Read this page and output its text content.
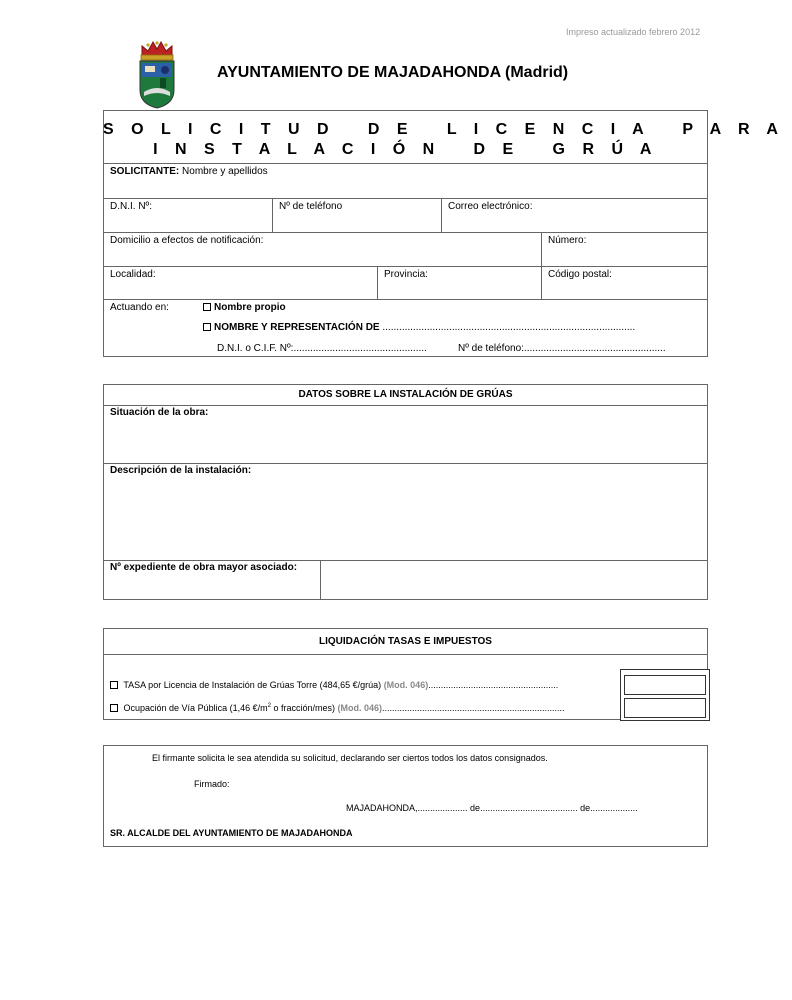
Impreso actualizado febrero 2012
AYUNTAMIENTO DE MAJADAHONDA (Madrid)
S O L I C I T U D   D E   L I C E N C I A   P A R A
I N S T A L A C I Ó N   D E   G R Ú A
SOLICITANTE: Nombre y apellidos
D.N.I. Nº:	Nº de teléfono	Correo electrónico:
Domicilio a efectos de notificación:	Número:
Localidad:	Provincia:	Código postal:
Actuando en:	Nombre propio
NOMBRE Y REPRESENTACIÓN DE ...........................................................................................
D.N.I. o C.I.F. Nº:................................................	Nº de teléfono:...................................................
DATOS SOBRE LA INSTALACIÓN DE GRÚAS
Situación de la obra:
Descripción de la instalación:
Nº expediente de obra mayor asociado:
LIQUIDACIÓN TASAS E IMPUESTOS
TASA por Licencia de Instalación de Grúas Torre (484,65 €/grúa) (Mod. 046)....................................................
Ocupación de Vía Pública (1,46 $€/m^2$ o fracción/mes) (Mod. 046).........................................................................
El firmante solicita le sea atendida su solicitud, declarando ser ciertos todos los datos consignados.
Firmado:
MAJADAHONDA,.................... de....................................... de...................
SR. ALCALDE DEL AYUNTAMIENTO DE MAJADAHONDA
